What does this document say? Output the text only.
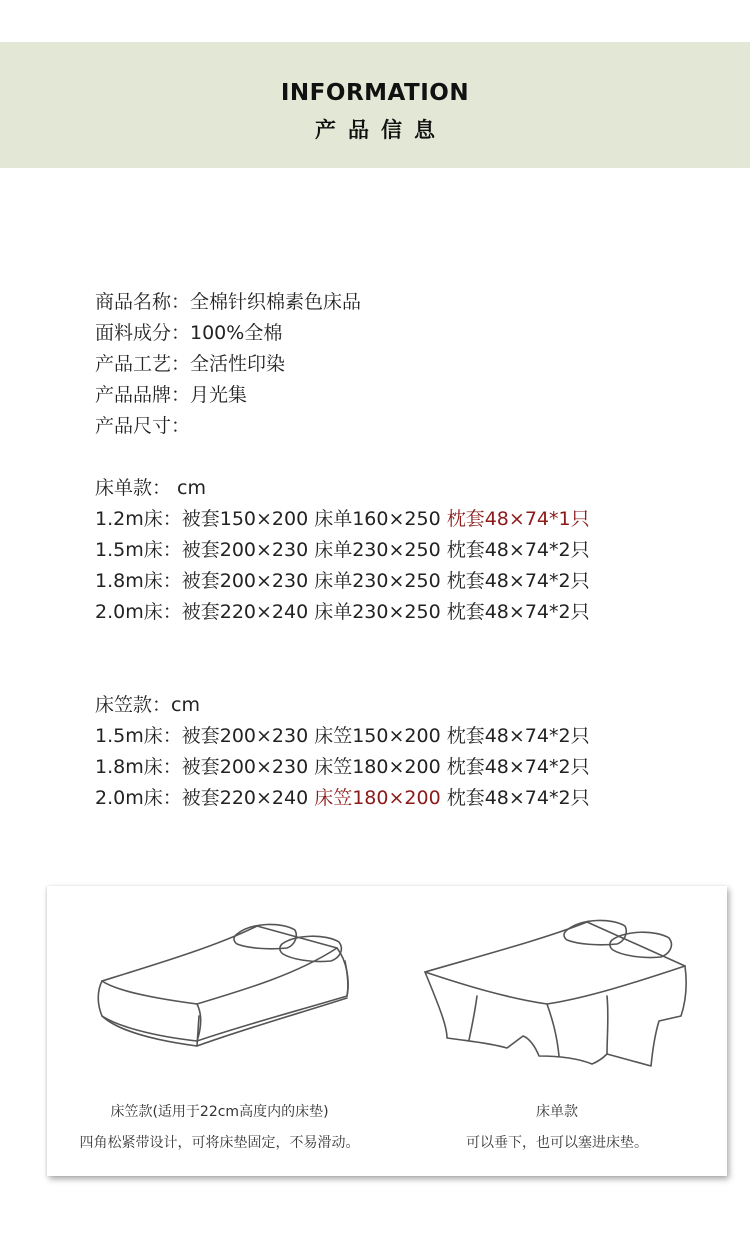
INFORMATION
产品信息
商品名称：全棉针织棉素色床品
面料成分：100%全棉
产品工艺：全活性印染
产品品牌：月光集
产品尺寸：
床单款： cm
1.2m床：被套150×200 床单160×250 枕套48×74*1只
1.5m床：被套200×230 床单230×250 枕套48×74*2只
1.8m床：被套200×230 床单230×250 枕套48×74*2只
2.0m床：被套220×240 床单230×250 枕套48×74*2只
床笠款：cm
1.5m床：被套200×230 床笠150×200 枕套48×74*2只
1.8m床：被套200×230 床笠180×200 枕套48×74*2只
2.0m床：被套220×240 床笠180×200 枕套48×74*2只
床笠款(适用于22cm高度内的床垫)
四角松紧带设计，可将床垫固定，不易滑动。
床单款
可以垂下，也可以塞进床垫。
